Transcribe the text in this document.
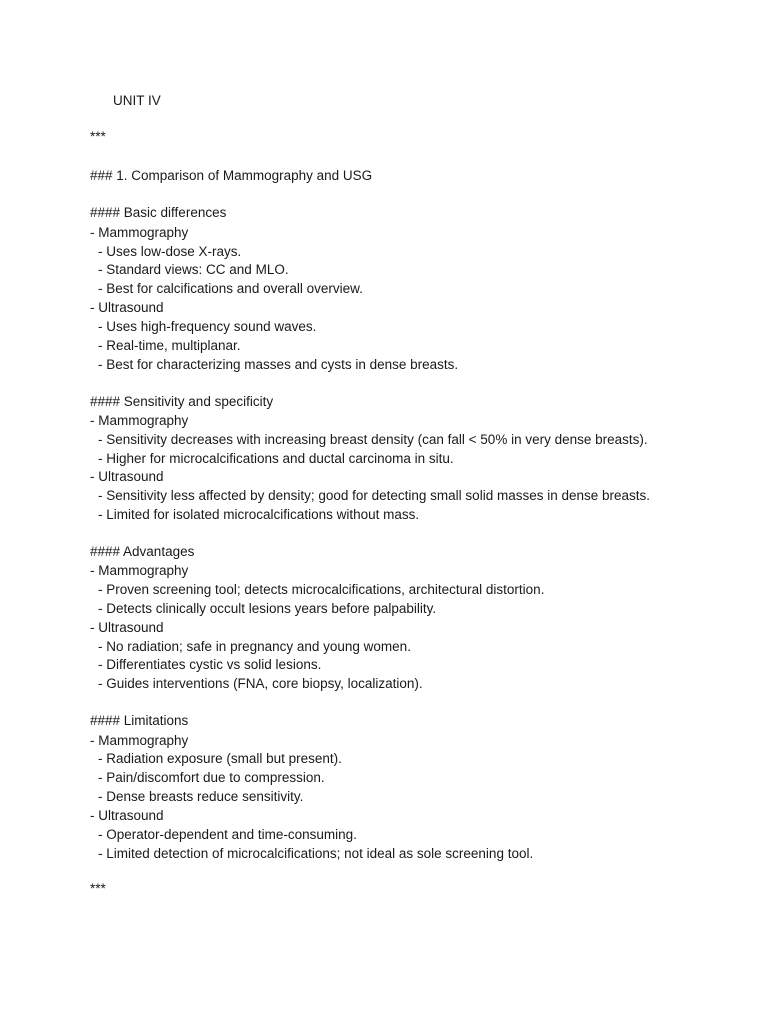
UNIT IV
***
### 1. Comparison of Mammography and USG
#### Basic differences
- Mammography
- Uses low-dose X-rays.
- Standard views: CC and MLO.
- Best for calcifications and overall overview.
- Ultrasound
- Uses high-frequency sound waves.
- Real-time, multiplanar.
- Best for characterizing masses and cysts in dense breasts.
#### Sensitivity and specificity
- Mammography
- Sensitivity decreases with increasing breast density (can fall < 50% in very dense breasts).
- Higher for microcalcifications and ductal carcinoma in situ.
- Ultrasound
- Sensitivity less affected by density; good for detecting small solid masses in dense breasts.
- Limited for isolated microcalcifications without mass.
#### Advantages
- Mammography
- Proven screening tool; detects microcalcifications, architectural distortion.
- Detects clinically occult lesions years before palpability.
- Ultrasound
- No radiation; safe in pregnancy and young women.
- Differentiates cystic vs solid lesions.
- Guides interventions (FNA, core biopsy, localization).
#### Limitations
- Mammography
- Radiation exposure (small but present).
- Pain/discomfort due to compression.
- Dense breasts reduce sensitivity.
- Ultrasound
- Operator-dependent and time-consuming.
- Limited detection of microcalcifications; not ideal as sole screening tool.
***
